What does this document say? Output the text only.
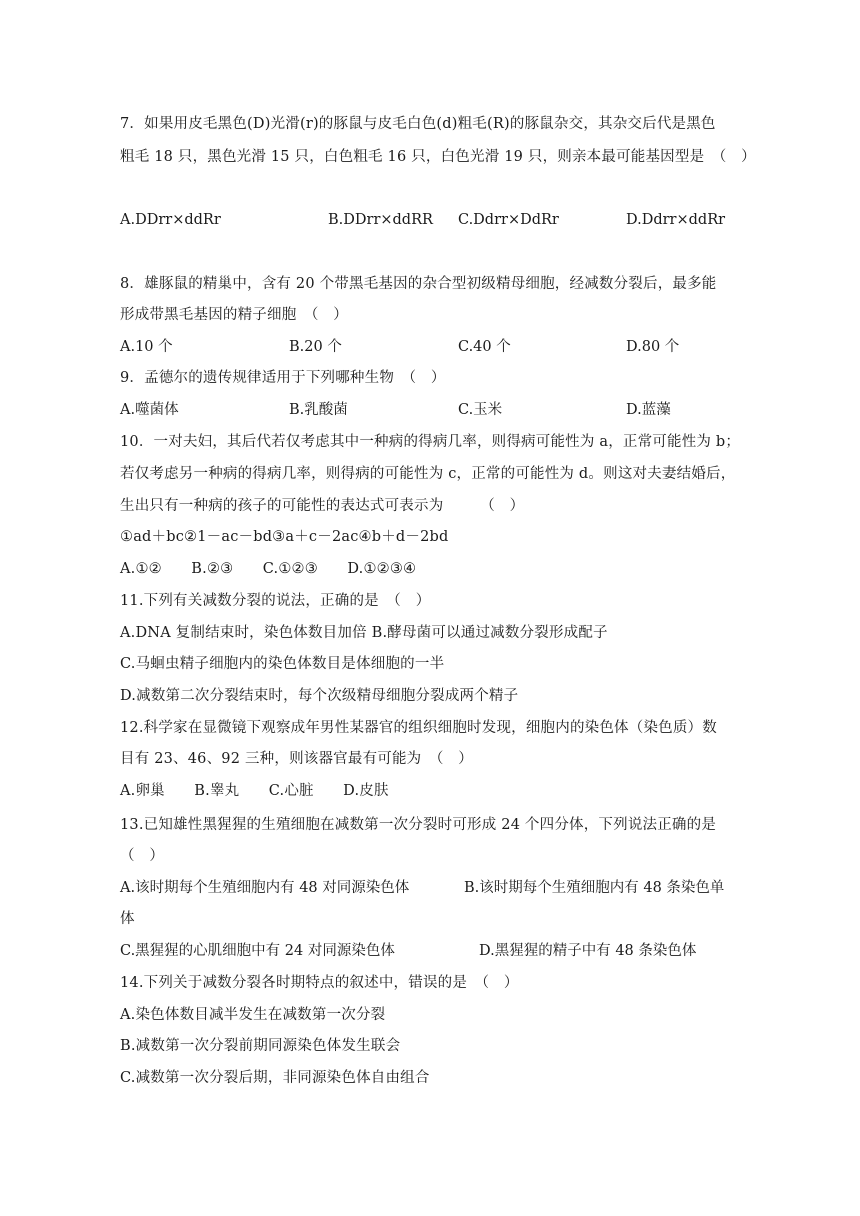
7．如果用皮毛黑色(D)光滑(r)的豚鼠与皮毛白色(d)粗毛(R)的豚鼠杂交，其杂交后代是黑色
粗毛 18 只，黑色光滑 15 只，白色粗毛 16 只，白色光滑 19 只，则亲本最可能基因型是　（　）
A.DDrr×ddRr	B.DDrr×ddRR C.Ddrr×DdRr	D.Ddrr×ddRr
8．雄豚鼠的精巢中，含有 20 个带黑毛基因的杂合型初级精母细胞，经减数分裂后，最多能
形成带黑毛基因的精子细胞　（　）
A.10 个	B.20 个	C.40 个	D.80 个
9．孟德尔的遗传规律适用于下列哪种生物　（　）
A.噬菌体	B.乳酸菌	C.玉米	D.蓝藻
10．一对夫妇，其后代若仅考虑其中一种病的得病几率，则得病可能性为 a，正常可能性为 b；
若仅考虑另一种病的得病几率，则得病的可能性为 c，正常的可能性为 d。则这对夫妻结婚后，
生出只有一种病的孩子的可能性的表达式可表示为　　　（　）
①ad＋bc②1－ac－bd③a＋c－2ac④b＋d－2bd
A.①②　　B.②③　　C.①②③　　D.①②③④
11.下列有关减数分裂的说法，正确的是　（　）
A.DNA 复制结束时，染色体数目加倍 B.酵母菌可以通过减数分裂形成配子
C.马蛔虫精子细胞内的染色体数目是体细胞的一半
D.减数第二次分裂结束时，每个次级精母细胞分裂成两个精子
12.科学家在显微镜下观察成年男性某器官的组织细胞时发现，细胞内的染色体（染色质）数
目有 23、46、92 三种，则该器官最有可能为　（　）
A.卵巢　　B.睾丸　　C.心脏　　D.皮肤
13.已知雄性黑猩猩的生殖细胞在减数第一次分裂时可形成 24 个四分体，下列说法正确的是
（　）
A.该时期每个生殖细胞内有 48 对同源染色体	B.该时期每个生殖细胞内有 48 条染色单
体
C.黑猩猩的心肌细胞中有 24 对同源染色体	D.黑猩猩的精子中有 48 条染色体
14.下列关于减数分裂各时期特点的叙述中，错误的是　（　）
A.染色体数目减半发生在减数第一次分裂
B.减数第一次分裂前期同源染色体发生联会
C.减数第一次分裂后期，非同源染色体自由组合
